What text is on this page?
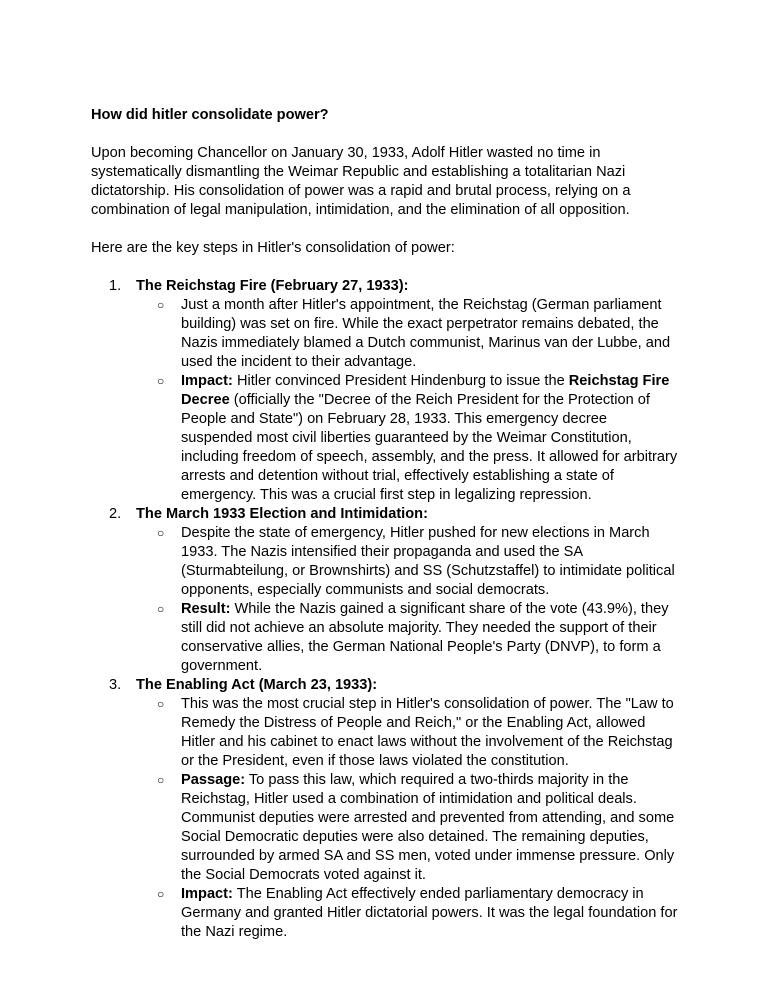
How did hitler consolidate power?
Upon becoming Chancellor on January 30, 1933, Adolf Hitler wasted no time in systematically dismantling the Weimar Republic and establishing a totalitarian Nazi dictatorship. His consolidation of power was a rapid and brutal process, relying on a combination of legal manipulation, intimidation, and the elimination of all opposition.
Here are the key steps in Hitler's consolidation of power:
1. The Reichstag Fire (February 27, 1933):
○ Just a month after Hitler's appointment, the Reichstag (German parliament building) was set on fire. While the exact perpetrator remains debated, the Nazis immediately blamed a Dutch communist, Marinus van der Lubbe, and used the incident to their advantage.
○ Impact: Hitler convinced President Hindenburg to issue the Reichstag Fire Decree (officially the "Decree of the Reich President for the Protection of People and State") on February 28, 1933. This emergency decree suspended most civil liberties guaranteed by the Weimar Constitution, including freedom of speech, assembly, and the press. It allowed for arbitrary arrests and detention without trial, effectively establishing a state of emergency. This was a crucial first step in legalizing repression.
2. The March 1933 Election and Intimidation:
○ Despite the state of emergency, Hitler pushed for new elections in March 1933. The Nazis intensified their propaganda and used the SA (Sturmabteilung, or Brownshirts) and SS (Schutzstaffel) to intimidate political opponents, especially communists and social democrats.
○ Result: While the Nazis gained a significant share of the vote (43.9%), they still did not achieve an absolute majority. They needed the support of their conservative allies, the German National People's Party (DNVP), to form a government.
3. The Enabling Act (March 23, 1933):
○ This was the most crucial step in Hitler's consolidation of power. The "Law to Remedy the Distress of People and Reich," or the Enabling Act, allowed Hitler and his cabinet to enact laws without the involvement of the Reichstag or the President, even if those laws violated the constitution.
○ Passage: To pass this law, which required a two-thirds majority in the Reichstag, Hitler used a combination of intimidation and political deals. Communist deputies were arrested and prevented from attending, and some Social Democratic deputies were also detained. The remaining deputies, surrounded by armed SA and SS men, voted under immense pressure. Only the Social Democrats voted against it.
○ Impact: The Enabling Act effectively ended parliamentary democracy in Germany and granted Hitler dictatorial powers. It was the legal foundation for the Nazi regime.
